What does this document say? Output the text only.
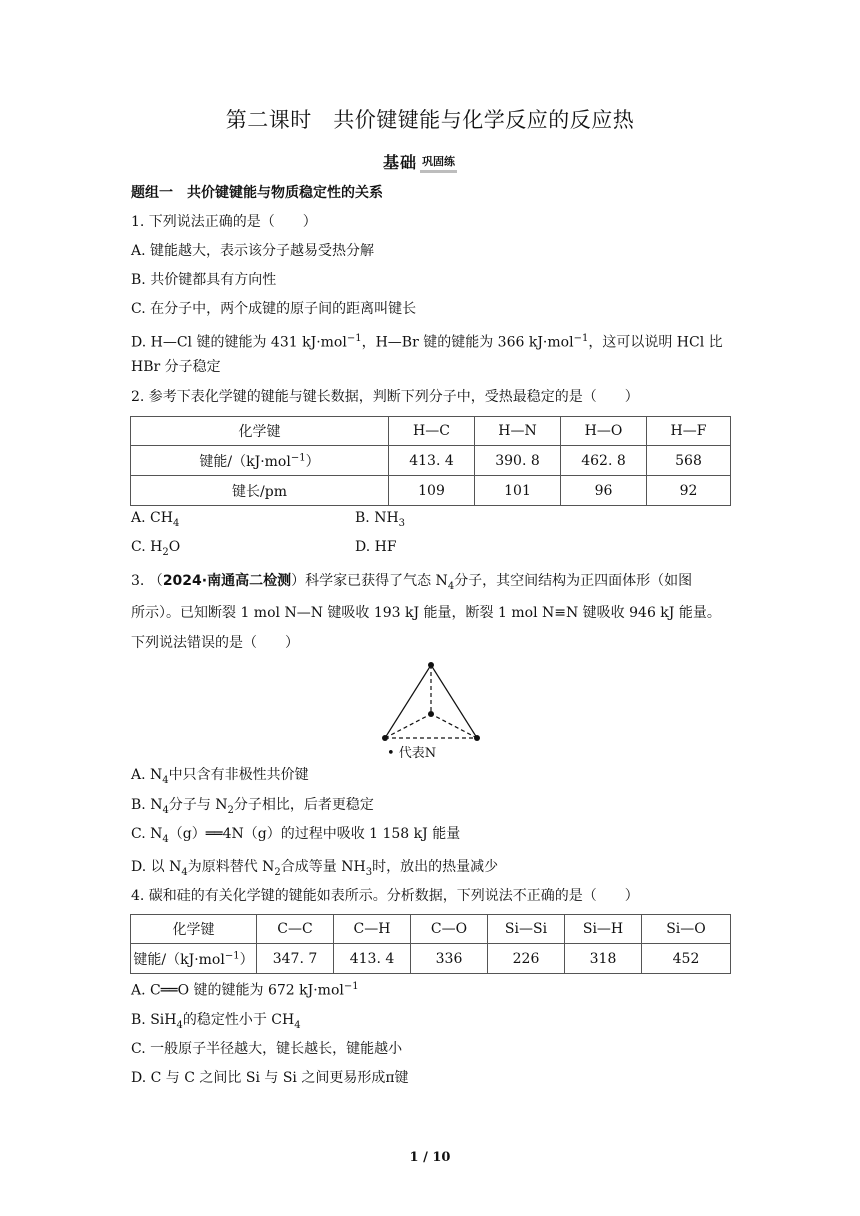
第二课时　共价键键能与化学反应的反应热
基础 巩固练
题组一　共价键键能与物质稳定性的关系
1. 下列说法正确的是（　　）
A. 键能越大，表示该分子越易受热分解
B. 共价键都具有方向性
C. 在分子中，两个成键的原子间的距离叫键长
D. H—Cl 键的键能为 431 kJ·mol$^{-1}$，H—Br 键的键能为 366 kJ·mol$^{-1}$，这可以说明 HCl 比
HBr 分子稳定
2. 参考下表化学键的键能与键长数据，判断下列分子中，受热最稳定的是（　　）
化学键	H—C	H—N	H—O	H—F
键能/（kJ·mol$^{-1}$）	413. 4	390. 8	462. 8	568
键长/pm	109	101	96	92
A. $CH_4$	B. $NH_3$
C. $H_2O$	D. HF
3. （2024·南通高二检测）科学家已获得了气态 $N_4$分子，其空间结构为正四面体形（如图
所示）。已知断裂 1 mol N—N 键吸收 193 kJ 能量，断裂 1 mol N≡N 键吸收 946 kJ 能量。
下列说法错误的是（　　）
• 代表N
A. $N_4$中只含有非极性共价键
B. $N_4$分子与 $N_2$分子相比，后者更稳定
C. $N_4(g)══4N(g)$的过程中吸收 1 158 kJ 能量
D. 以 $N_4$为原料替代 $N_2$合成等量 $NH_3$时，放出的热量减少
4. 碳和硅的有关化学键的键能如表所示。分析数据，下列说法不正确的是（　　）
化学键	C—C	C—H	C—O	Si—Si	Si—H	Si—O
键能/（kJ·mol$^{-1}$）	347. 7	413. 4	336	226	318	452
A. C══O 键的键能为 672 kJ·mol$^{-1}$
B. SiH$_4$的稳定性小于 $CH_4$
C. 一般原子半径越大，键长越长，键能越小
D. C 与 C 之间比 Si 与 Si 之间更易形成π键
1 / 10
